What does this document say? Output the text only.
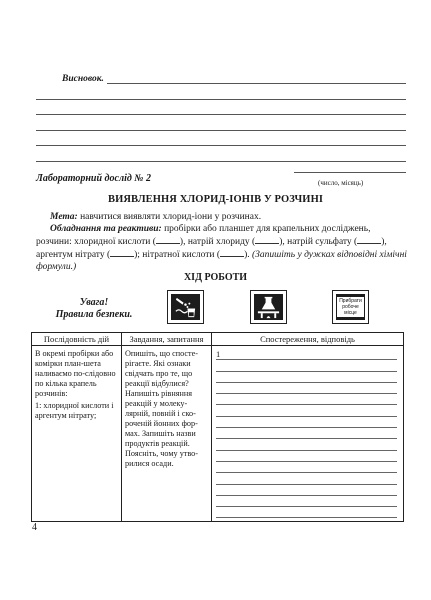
Висновок.
Лабораторний дослід № 2	(число, місяць)
ВИЯВЛЕННЯ ХЛОРИД-ІОНІВ У РОЗЧИНІ
Мета: навчитися виявляти хлорид-іони у розчинах.
Обладнання та реактиви: пробірки або планшет для крапельних досліджень, розчини: хлоридної кислоти (	), натрій хлориду (	), натрій сульфату (	), аргентум нітрату (	); нітратної кислоти (	). (Запишіть у дужках відповідні хімічні формули.)
ХІД РОБОТИ
Увага!
Правила безпеки.
Прибрати робоче місце
Послідовність дій	Завдання, запитання	Спостереження, відповідь

В окремі пробірки або комірки план-шета наливаємо по-слідовно по кілька крапель розчинів:
1: хлоридної кислоти і аргентум нітрату;	Опишіть, що спосте-рігаєте. Які ознаки свідчать про те, що реакції відбулися? Напишіть рівняння реакцій у молеку-лярній, повній і ско-роченій йонних фор-мах. Запишіть назви продуктів реакцій. Поясніть, чому утво-рилися осади.	1
4
